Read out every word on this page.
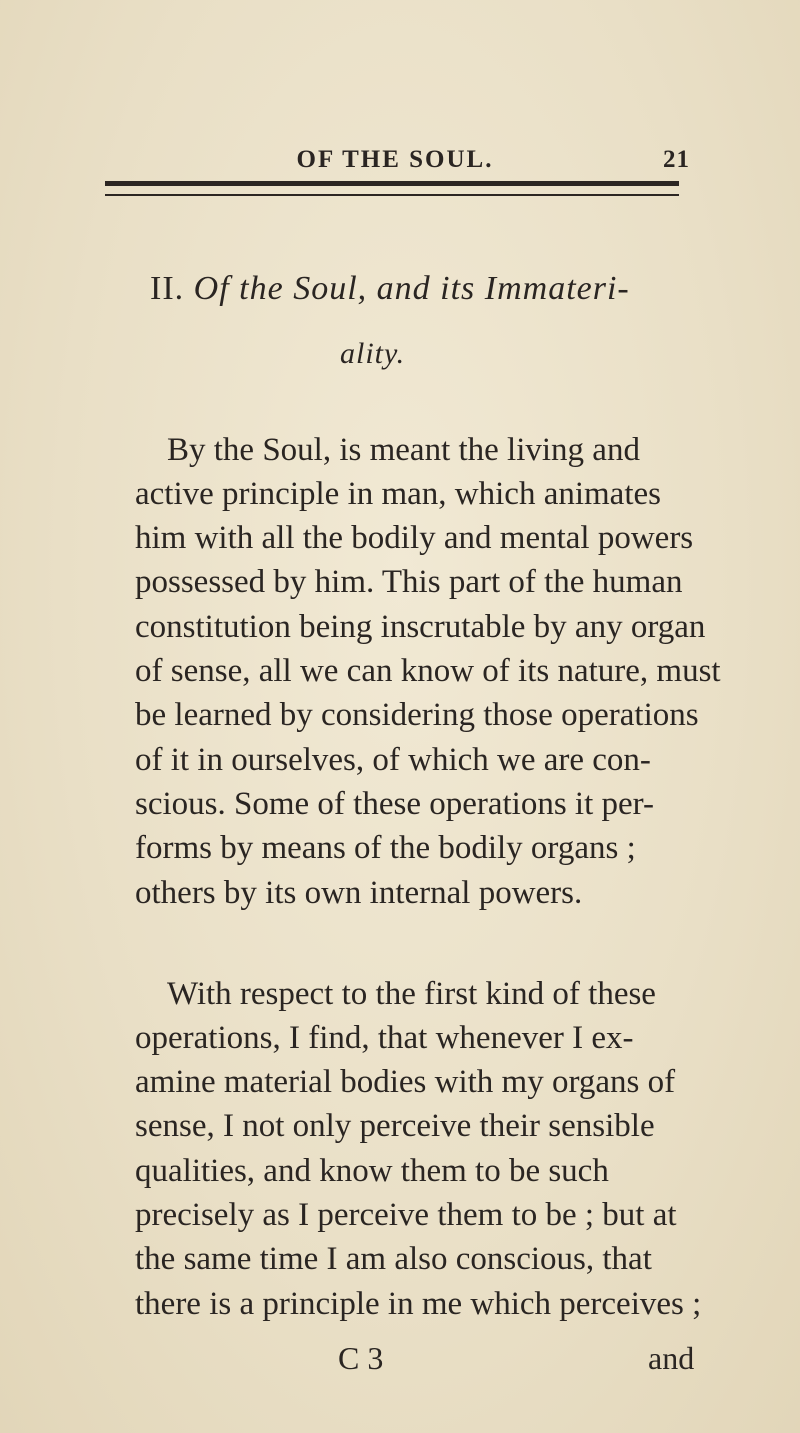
OF THE SOUL.	21
II. Of the Soul, and its Immateri-
ality.
By the Soul, is meant the living and
active principle in man, which animates
him with all the bodily and mental powers
possessed by him. This part of the human
constitution being inscrutable by any organ
of sense, all we can know of its nature, must
be learned by considering those operations
of it in ourselves, of which we are con-
scious. Some of these operations it per-
forms by means of the bodily organs ;
others by its own internal powers.
With respect to the first kind of these
operations, I find, that whenever I ex-
amine material bodies with my organs of
sense, I not only perceive their sensible
qualities, and know them to be such
precisely as I perceive them to be ; but at
the same time I am also conscious, that
there is a principle in me which perceives ;
C 3	and
